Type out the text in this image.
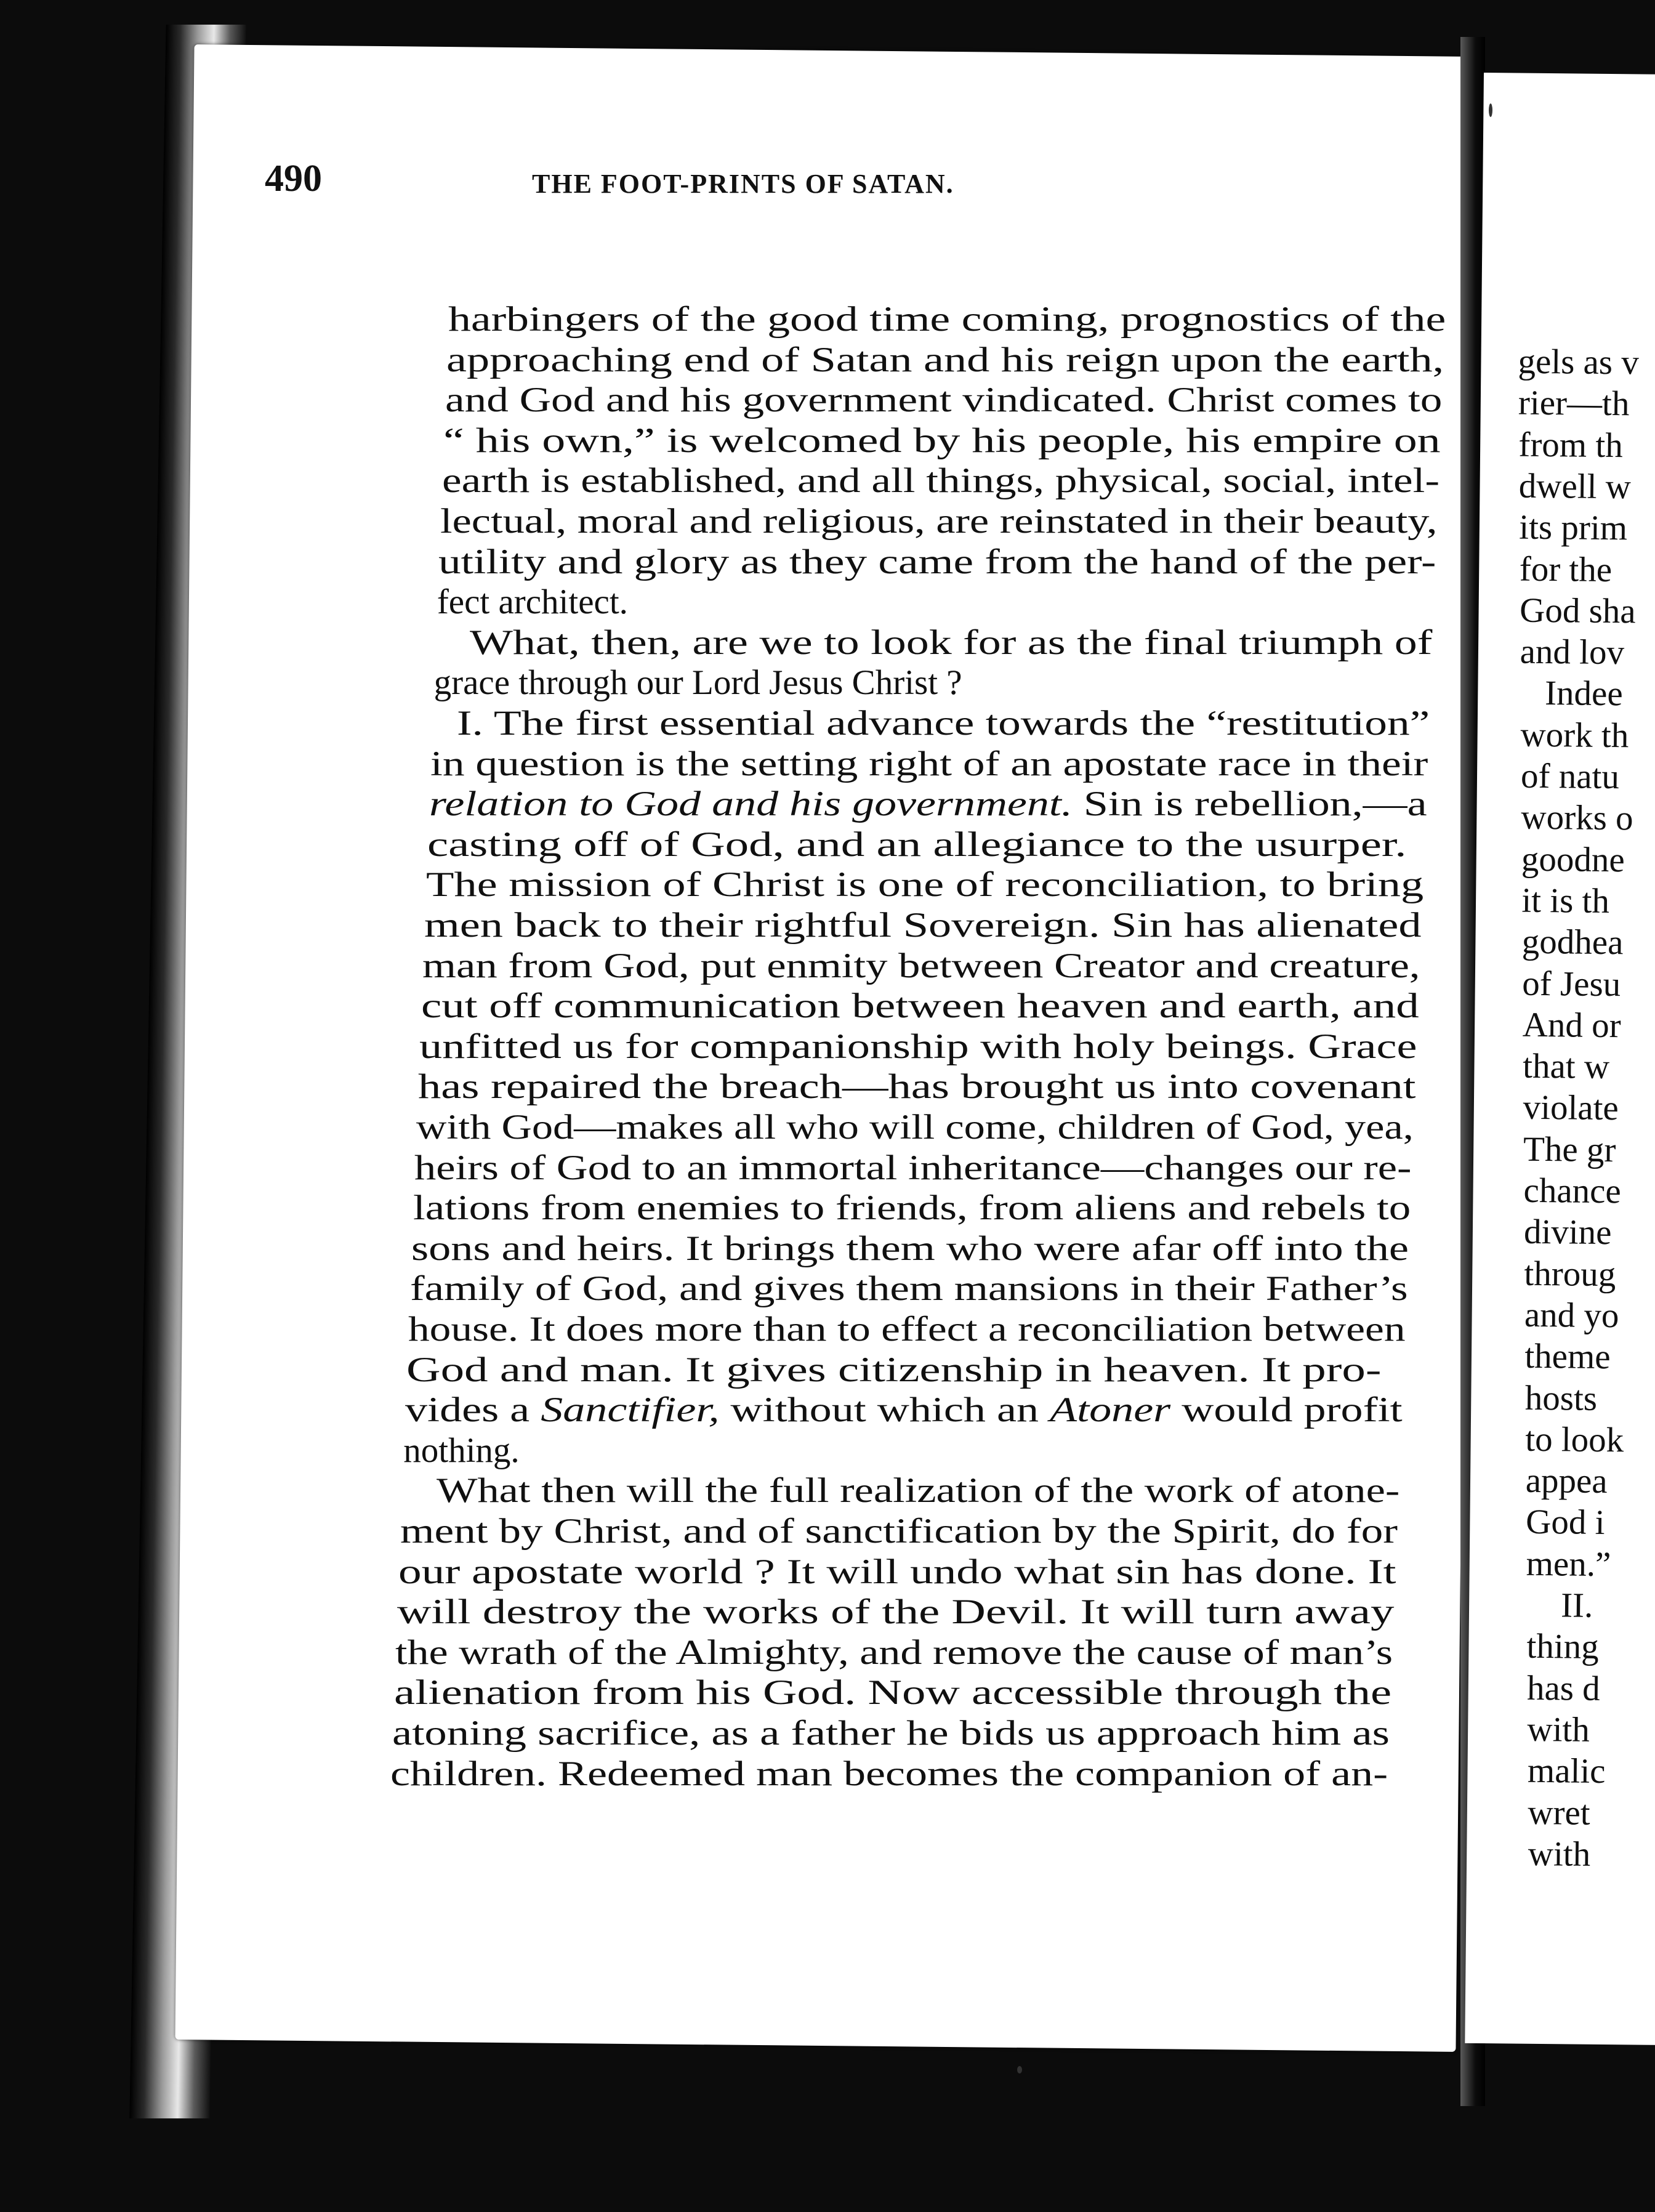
gels as v
rier—th
from th
dwell w
its prim
for the
God sha
and lov
Indee
work th
of natu
works o
goodne
it is th
godhea
of Jesu
And or
that w
violate
The gr
chance
divine
throug
and yo
theme
hosts
to look
appea
God i
men.”
II.
thing
has d
with
malic
wret
with
490	THE FOOT-PRINTS OF SATAN.
harbingers of the good time coming, prognostics of the
approaching end of Satan and his reign upon the earth,
and God and his government vindicated. Christ comes to
“ his own,” is welcomed by his people, his empire on
earth is established, and all things, physical, social, intel-
lectual, moral and religious, are reinstated in their beauty,
utility and glory as they came from the hand of the per-
fect architect.
What, then, are we to look for as the final triumph of
grace through our Lord Jesus Christ ?
I. The first essential advance towards the “restitution”
in question is the setting right of an apostate race in their
relation to God and his government. Sin is rebellion,—a
casting off of God, and an allegiance to the usurper.
The mission of Christ is one of reconciliation, to bring
men back to their rightful Sovereign. Sin has alienated
man from God, put enmity between Creator and creature,
cut off communication between heaven and earth, and
unfitted us for companionship with holy beings. Grace
has repaired the breach—has brought us into covenant
with God—makes all who will come, children of God, yea,
heirs of God to an immortal inheritance—changes our re-
lations from enemies to friends, from aliens and rebels to
sons and heirs. It brings them who were afar off into the
family of God, and gives them mansions in their Father’s
house. It does more than to effect a reconciliation between
God and man. It gives citizenship in heaven. It pro-
vides a Sanctifier, without which an Atoner would profit
nothing.
What then will the full realization of the work of atone-
ment by Christ, and of sanctification by the Spirit, do for
our apostate world ? It will undo what sin has done. It
will destroy the works of the Devil. It will turn away
the wrath of the Almighty, and remove the cause of man’s
alienation from his God. Now accessible through the
atoning sacrifice, as a father he bids us approach him as
children. Redeemed man becomes the companion of an-
